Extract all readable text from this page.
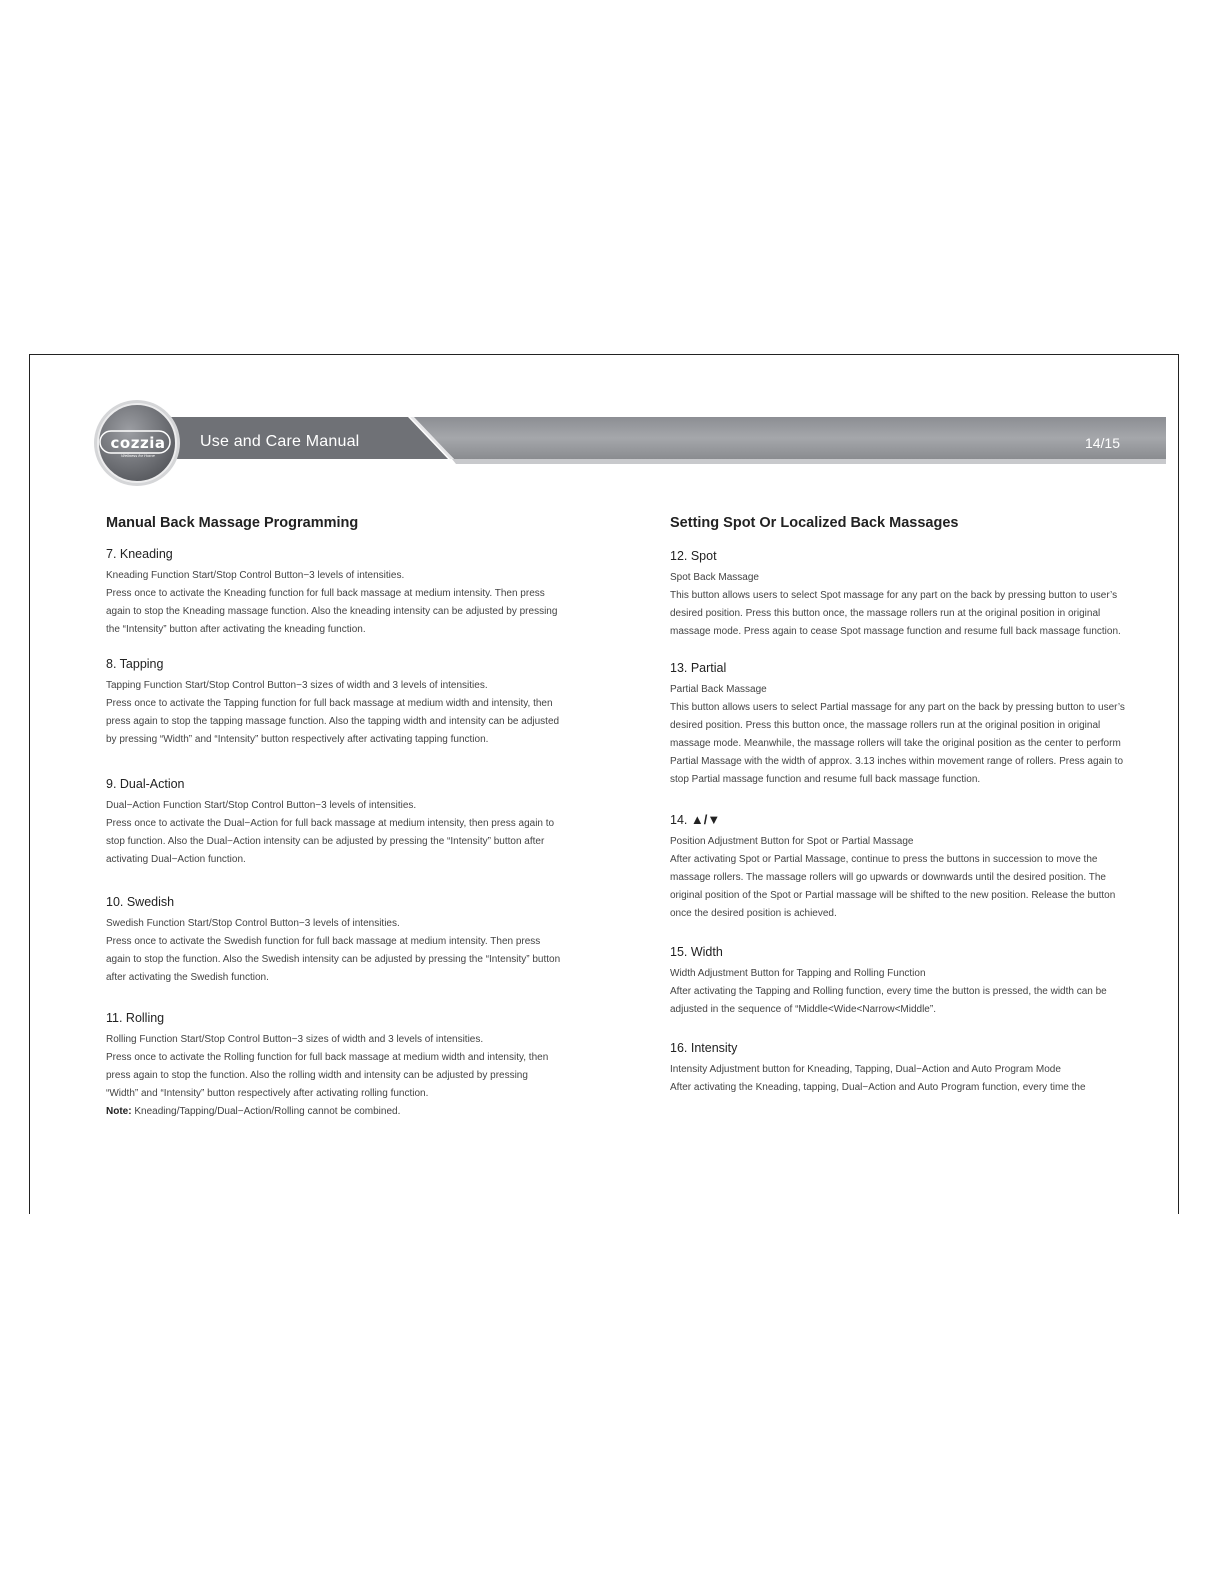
cozzia
Wellness for Home
Use and Care Manual	14/15
Manual Back Massage Programming
7. Kneading
Kneading Function Start/Stop Control Button−3 levels of intensities.
Press once to activate the Kneading function for full back massage at medium intensity. Then press again to stop the Kneading massage function. Also the kneading intensity can be adjusted by pressing the “Intensity” button after activating the kneading function.
8. Tapping
Tapping Function Start/Stop Control Button−3 sizes of width and 3 levels of intensities.
Press once to activate the Tapping function for full back massage at medium width and intensity, then press again to stop the tapping massage function. Also the tapping width and intensity can be adjusted by pressing “Width” and “Intensity” button respectively after activating tapping function.
9. Dual-Action
Dual−Action Function Start/Stop Control Button−3 levels of intensities.
Press once to activate the Dual−Action for full back massage at medium intensity, then press again to stop function. Also the Dual−Action intensity can be adjusted by pressing the “Intensity” button after activating Dual−Action function.
10. Swedish
Swedish Function Start/Stop Control Button−3 levels of intensities.
Press once to activate the Swedish function for full back massage at medium intensity. Then press again to stop the function. Also the Swedish intensity can be adjusted by pressing the “Intensity” button after activating the Swedish function.
11. Rolling
Rolling Function Start/Stop Control Button−3 sizes of width and 3 levels of intensities.
Press once to activate the Rolling function for full back massage at medium width and intensity, then press again to stop the function. Also the rolling width and intensity can be adjusted by pressing “Width” and “Intensity” button respectively after activating rolling function.
Note: Kneading/Tapping/Dual−Action/Rolling cannot be combined.
Setting Spot Or Localized Back Massages
12. Spot
Spot Back Massage
This button allows users to select Spot massage for any part on the back by pressing button to user’s desired position. Press this button once, the massage rollers run at the original position in original massage mode. Press again to cease Spot massage function and resume full back massage function.
13. Partial
Partial Back Massage
This button allows users to select Partial massage for any part on the back by pressing button to user’s desired position. Press this button once, the massage rollers run at the original position in original massage mode. Meanwhile, the massage rollers will take the original position as the center to perform Partial Massage with the width of approx. 3.13 inches within movement range of rollers. Press again to stop Partial massage function and resume full back massage function.
14. ▲/▼
Position Adjustment Button for Spot or Partial Massage
After activating Spot or Partial Massage, continue to press the buttons in succession to move the massage rollers. The massage rollers will go upwards or downwards until the desired position. The original position of the Spot or Partial massage will be shifted to the new position. Release the button once the desired position is achieved.
15. Width
Width Adjustment Button for Tapping and Rolling Function
After activating the Tapping and Rolling function, every time the button is pressed, the width can be adjusted in the sequence of “Middle<Wide<Narrow<Middle”.
16. Intensity
Intensity Adjustment button for Kneading, Tapping, Dual−Action and Auto Program Mode
After activating the Kneading, tapping, Dual−Action and Auto Program function, every time the
